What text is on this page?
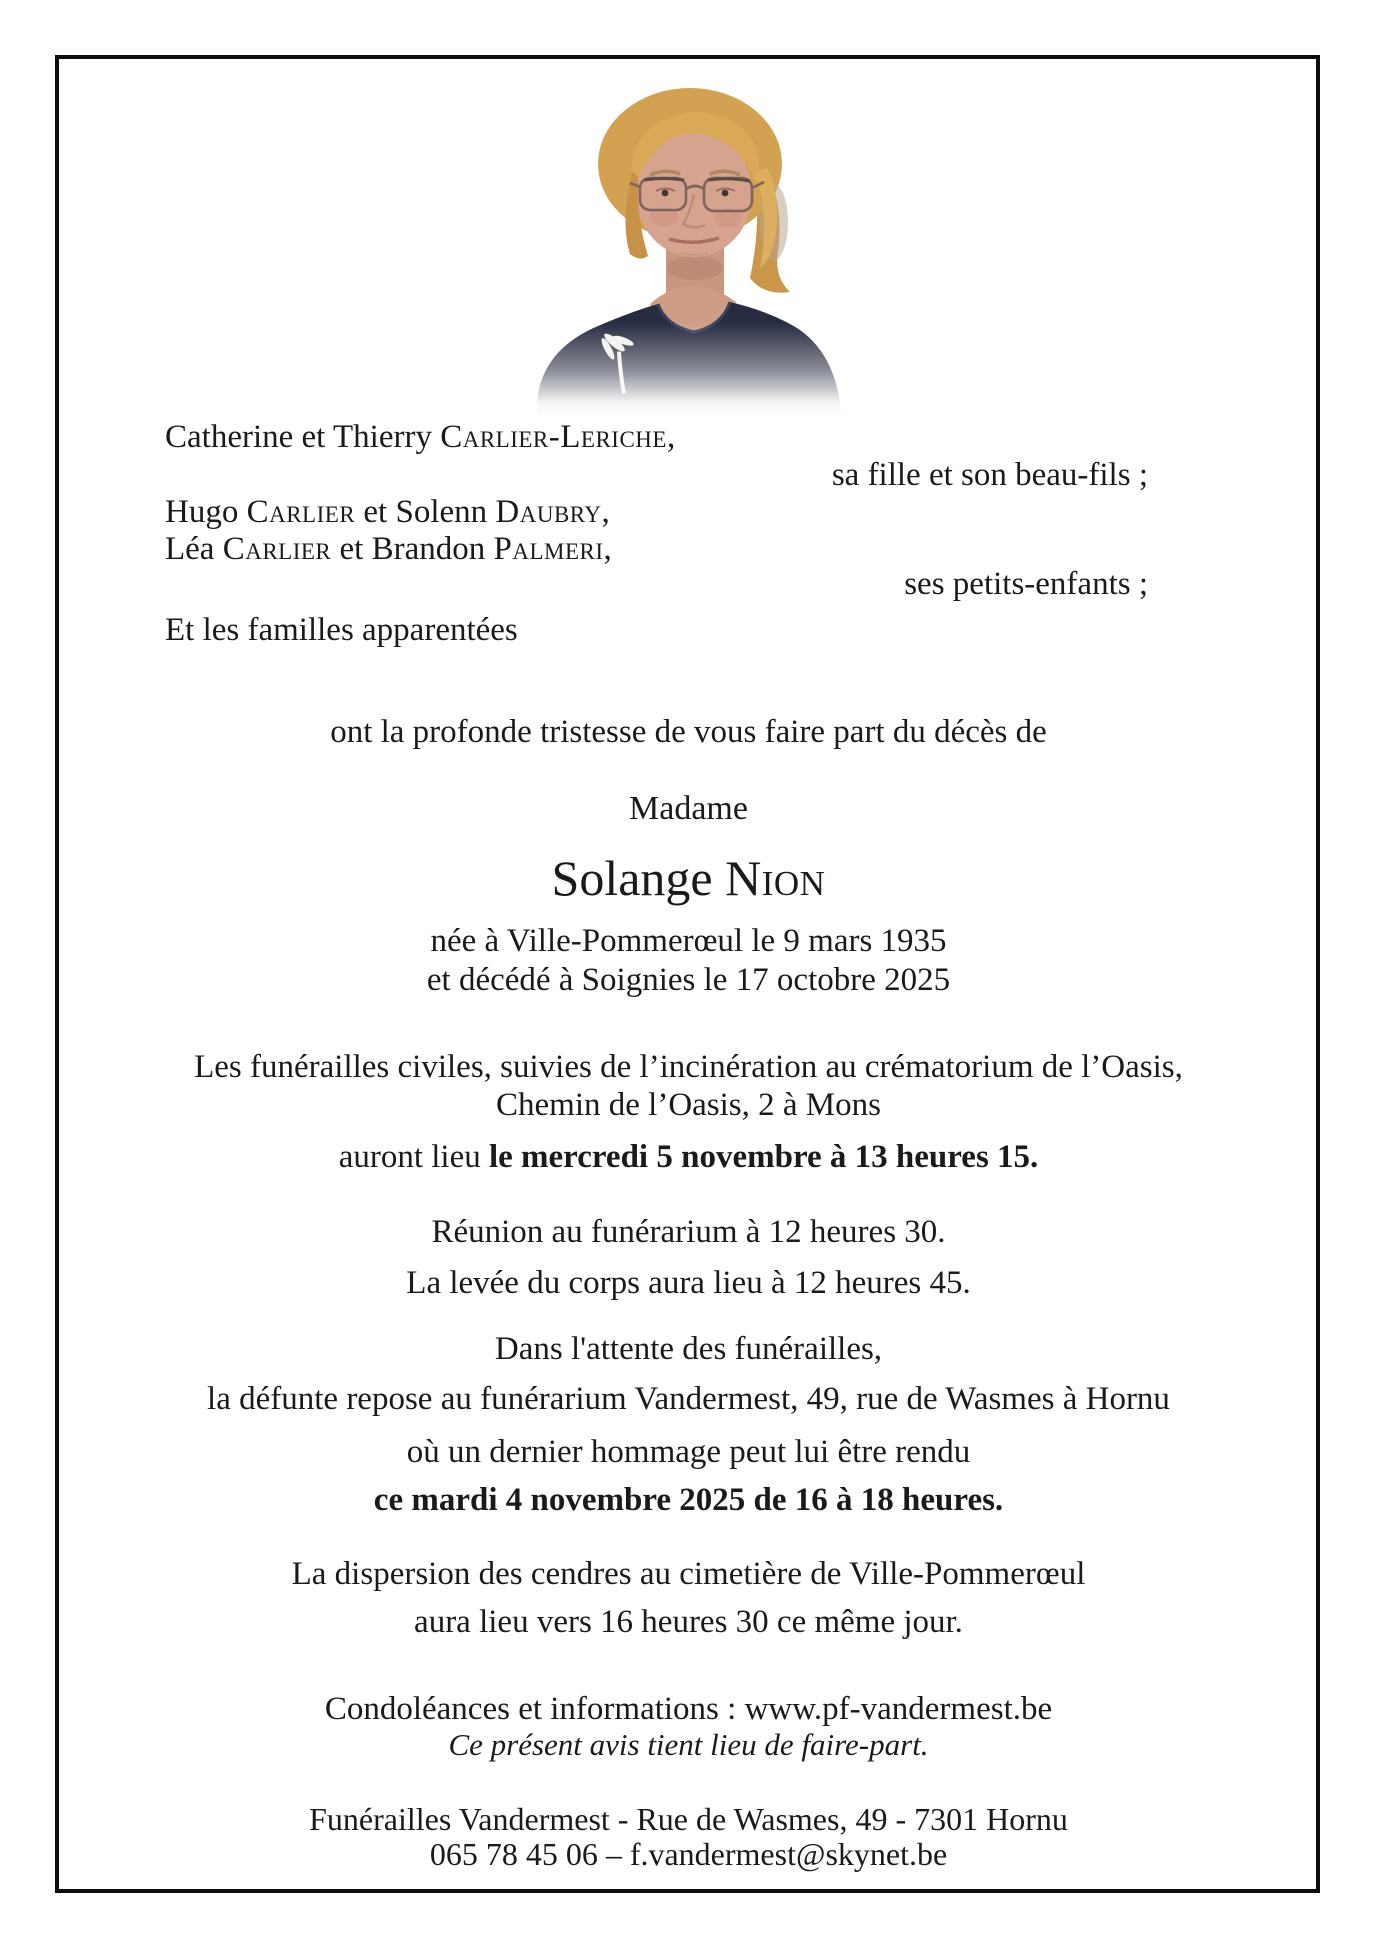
Catherine et Thierry Carlier-Leriche,
sa fille et son beau-fils ;
Hugo Carlier et Solenn Daubry,
Léa Carlier et Brandon Palmeri,
ses petits-enfants ;
Et les familles apparentées
ont la profonde tristesse de vous faire part du décès de
Madame
Solange Nion
née à Ville-Pommerœul le 9 mars 1935
et décédé à Soignies le 17 octobre 2025
Les funérailles civiles, suivies de l’incinération au crématorium de l’Oasis,
Chemin de l’Oasis, 2 à Mons
auront lieu le mercredi 5 novembre à 13 heures 15.
Réunion au funérarium à 12 heures 30.
La levée du corps aura lieu à 12 heures 45.
Dans l'attente des funérailles,
la défunte repose au funérarium Vandermest, 49, rue de Wasmes à Hornu
où un dernier hommage peut lui être rendu
ce mardi 4 novembre 2025 de 16 à 18 heures.
La dispersion des cendres au cimetière de Ville-Pommerœul
aura lieu vers 16 heures 30 ce même jour.
Condoléances et informations : www.pf-vandermest.be
Ce présent avis tient lieu de faire-part.
Funérailles Vandermest - Rue de Wasmes, 49 - 7301 Hornu
065 78 45 06 – f.vandermest@skynet.be
